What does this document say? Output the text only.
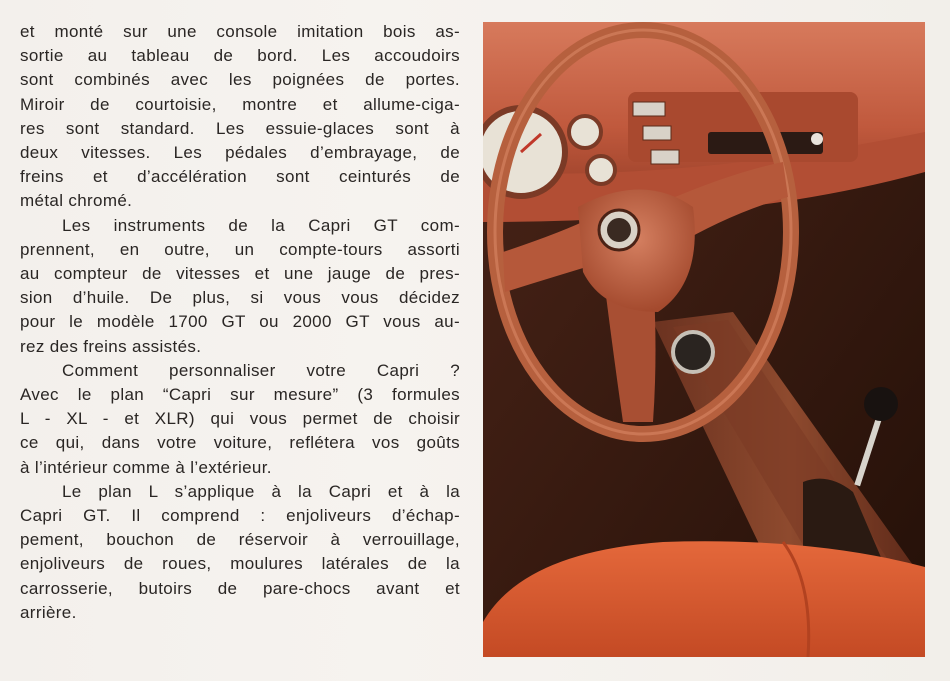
et monté sur une console imitation bois as-
sortie au tableau de bord. Les accoudoirs
sont combinés avec les poignées de portes.
Miroir de courtoisie, montre et allume-ciga-
res sont standard. Les essuie-glaces sont à
deux vitesses. Les pédales d’embrayage, de
freins et d’accélération sont ceinturés de
métal chromé.

Les instruments de la Capri GT com-
prennent, en outre, un compte-tours assorti
au compteur de vitesses et une jauge de pres-
sion d’huile. De plus, si vous vous décidez
pour le modèle 1700 GT ou 2000 GT vous au-
rez des freins assistés.

Comment personnaliser votre Capri ?
Avec le plan “Capri sur mesure” (3 formules
L - XL - et XLR) qui vous permet de choisir
ce qui, dans votre voiture, reflétera vos goûts
à l’intérieur comme à l’extérieur.

Le plan L s’applique à la Capri et à la
Capri GT. Il comprend : enjoliveurs d’échap-
pement, bouchon de réservoir à verrouillage,
enjoliveurs de roues, moulures latérales de la
carrosserie, butoirs de pare-chocs avant et
arrière.
